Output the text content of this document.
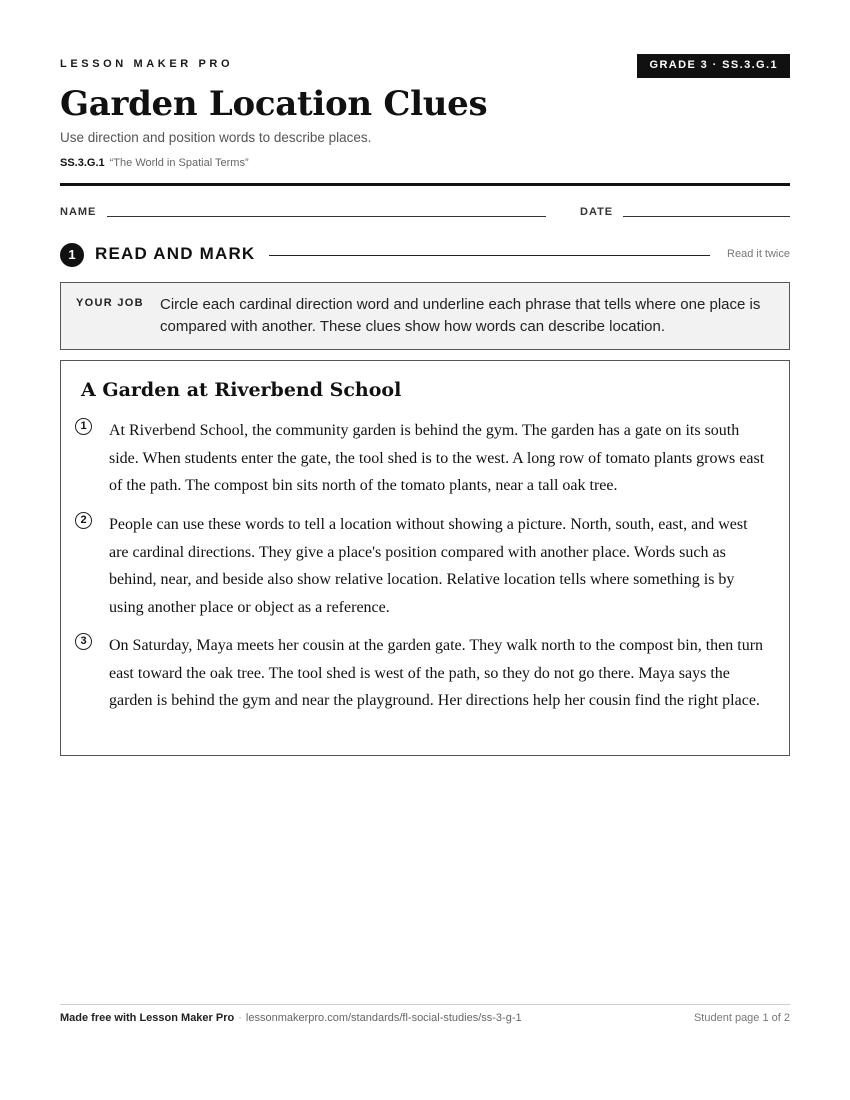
LESSON MAKER PRO	GRADE 3 · SS.3.G.1
Garden Location Clues
Use direction and position words to describe places.
SS.3.G.1 “The World in Spatial Terms”
NAME	DATE
1	READ AND MARK	Read it twice
YOUR JOB Circle each cardinal direction word and underline each phrase that tells where one place is compared with another. These clues show how words can describe location.
A Garden at Riverbend School
1	At Riverbend School, the community garden is behind the gym. The garden has a gate on its south side. When students enter the gate, the tool shed is to the west. A long row of tomato plants grows east of the path. The compost bin sits north of the tomato plants, near a tall oak tree.

2	People can use these words to tell a location without showing a picture. North, south, east, and west are cardinal directions. They give a place's position compared with another place. Words such as behind, near, and beside also show relative location. Relative location tells where something is by using another place or object as a reference.

3	On Saturday, Maya meets her cousin at the garden gate. They walk north to the compost bin, then turn east toward the oak tree. The tool shed is west of the path, so they do not go there. Maya says the garden is behind the gym and near the playground. Her directions help her cousin find the right place.

Made free with Lesson Maker Pro · lessonmakerpro.com/standards/fl-social-studies/ss-3-g-1	Student page 1 of 2
